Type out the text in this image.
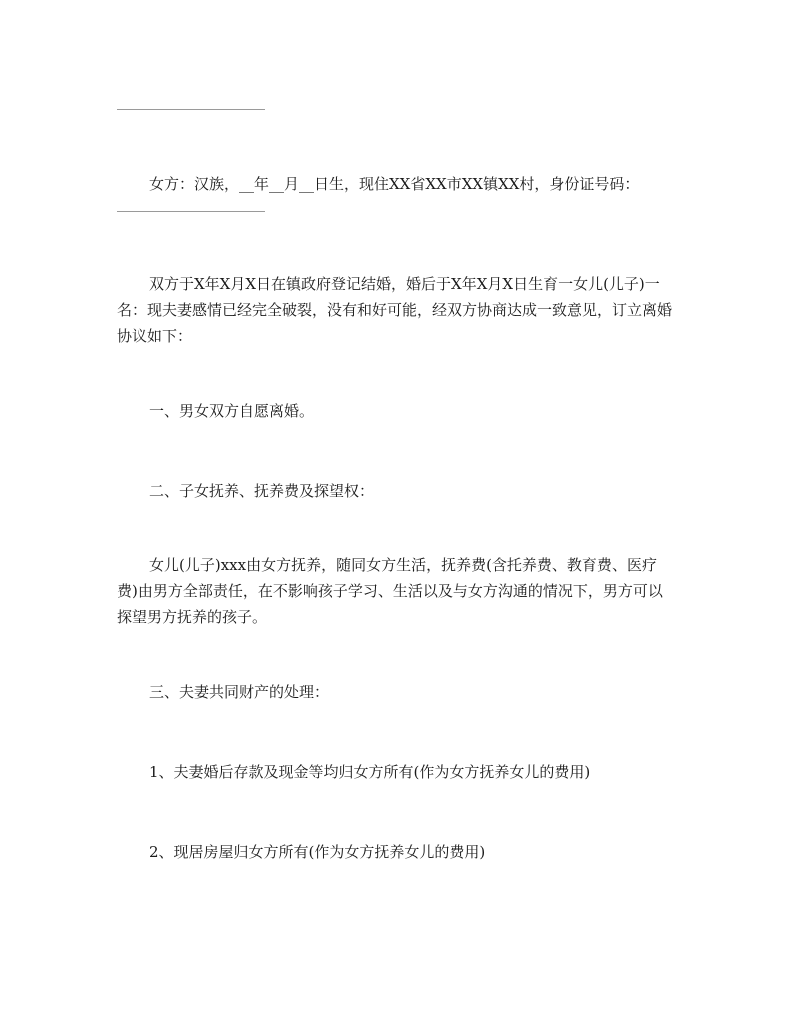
女方：汉族，__年__月__日生，现住XX省XX市XX镇XX村，身份证号码：

双方于X年X月X日在镇政府登记结婚，婚后于X年X月X日生育一女儿(儿子)一名：现夫妻感情已经完全破裂，没有和好可能，经双方协商达成一致意见，订立离婚协议如下：

一、男女双方自愿离婚。

二、子女抚养、抚养费及探望权：

女儿(儿子)xxx由女方抚养，随同女方生活，抚养费(含托养费、教育费、医疗费)由男方全部责任，在不影响孩子学习、生活以及与女方沟通的情况下，男方可以探望男方抚养的孩子。

三、夫妻共同财产的处理：

1、夫妻婚后存款及现金等均归女方所有(作为女方抚养女儿的费用)

2、现居房屋归女方所有(作为女方抚养女儿的费用)
